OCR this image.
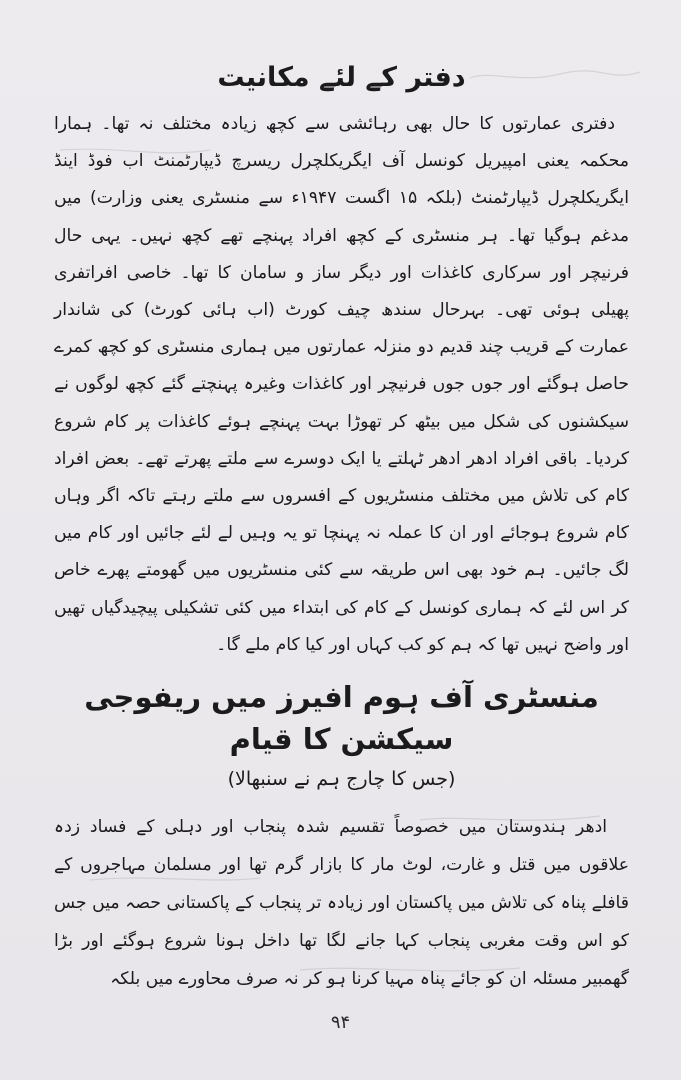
دفتر کے لئے مکانیت

دفتری عمارتوں کا حال بھی رہائشی سے کچھ زیادہ مختلف نہ تھا۔ ہمارا محکمہ یعنی امپیریل کونسل آف ایگریکلچرل ریسرچ ڈیپارٹمنٹ اب فوڈ اینڈ ایگریکلچرل ڈیپارٹمنٹ (بلکہ ۱۵ اگست ۱۹۴۷ء سے منسٹری یعنی وزارت) میں مدغم ہوگیا تھا۔ ہر منسٹری کے کچھ افراد پہنچے تھے کچھ نہیں۔ یہی حال فرنیچر اور سرکاری کاغذات اور دیگر ساز و سامان کا تھا۔ خاصی افراتفری پھیلی ہوئی تھی۔ بہرحال سندھ چیف کورٹ (اب ہائی کورٹ) کی شاندار عمارت کے قریب چند قدیم دو منزلہ عمارتوں میں ہماری منسٹری کو کچھ کمرے حاصل ہوگئے اور جوں جوں فرنیچر اور کاغذات وغیرہ پہنچتے گئے کچھ لوگوں نے سیکشنوں کی شکل میں بیٹھ کر تھوڑا بہت پہنچے ہوئے کاغذات پر کام شروع کردیا۔ باقی افراد ادھر ادھر ٹہلتے یا ایک دوسرے سے ملتے پھرتے تھے۔ بعض افراد کام کی تلاش میں مختلف منسٹریوں کے افسروں سے ملتے رہتے تاکہ اگر وہاں کام شروع ہوجائے اور ان کا عملہ نہ پہنچا تو یہ وہیں لے لئے جائیں اور کام میں لگ جائیں۔ ہم خود بھی اس طریقہ سے کئی منسٹریوں میں گھومتے پھرے خاص کر اس لئے کہ ہماری کونسل کے کام کی ابتداء میں کئی تشکیلی پیچیدگیاں تھیں اور واضح نہیں تھا کہ ہم کو کب کہاں اور کیا کام ملے گا۔

منسٹری آف ہوم افیرز میں ریفوجی سیکشن کا قیام
(جس کا چارج ہم نے سنبھالا)

ادھر ہندوستان میں خصوصاً تقسیم شدہ پنجاب اور دہلی کے فساد زدہ علاقوں میں قتل و غارت، لوٹ مار کا بازار گرم تھا اور مسلمان مہاجروں کے قافلے پناہ کی تلاش میں پاکستان اور زیادہ تر پنجاب کے پاکستانی حصہ میں جس کو اس وقت مغربی پنجاب کہا جانے لگا تھا داخل ہونا شروع ہوگئے اور بڑا گھمبیر مسئلہ ان کو جائے پناہ مہیا کرنا ہو کر نہ صرف محاورے میں بلکہ

۹۴
